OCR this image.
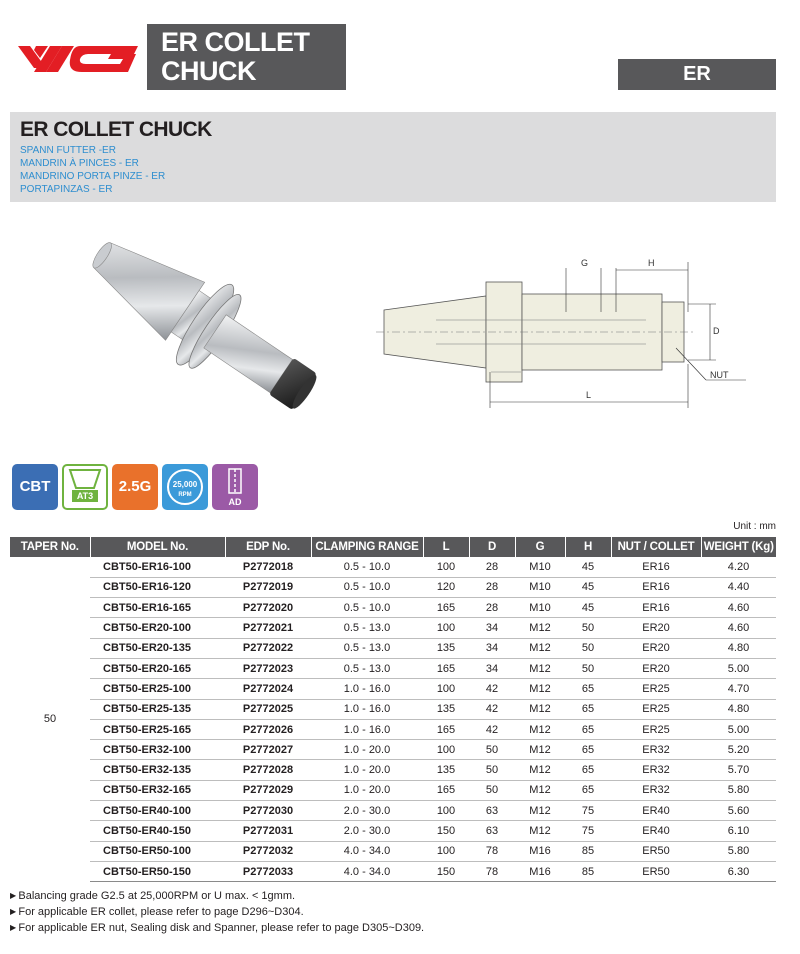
ER COLLET
CHUCK	ER
ER COLLET CHUCK
SPANN FUTTER -ER
MANDRIN À PINCES - ER
MANDRINO PORTA PINZE - ER
PORTAPINZAS - ER
G	H
D
L
NUT
CBT
AT3
2.5G	25,000
RPM
AD
Unit : mm
TAPER No.	MODEL No.	EDP No.	CLAMPING RANGE	L	D	G	H	NUT / COLLET	WEIGHT (Kg)
50	CBT50-ER16-100	P2772018	0.5 - 10.0	100	28	M10	45	ER16	4.20
	CBT50-ER16-120	P2772019	0.5 - 10.0	120	28	M10	45	ER16	4.40
	CBT50-ER16-165	P2772020	0.5 - 10.0	165	28	M10	45	ER16	4.60
	CBT50-ER20-100	P2772021	0.5 - 13.0	100	34	M12	50	ER20	4.60
	CBT50-ER20-135	P2772022	0.5 - 13.0	135	34	M12	50	ER20	4.80
	CBT50-ER20-165	P2772023	0.5 - 13.0	165	34	M12	50	ER20	5.00
	CBT50-ER25-100	P2772024	1.0 - 16.0	100	42	M12	65	ER25	4.70
	CBT50-ER25-135	P2772025	1.0 - 16.0	135	42	M12	65	ER25	4.80
	CBT50-ER25-165	P2772026	1.0 - 16.0	165	42	M12	65	ER25	5.00
	CBT50-ER32-100	P2772027	1.0 - 20.0	100	50	M12	65	ER32	5.20
	CBT50-ER32-135	P2772028	1.0 - 20.0	135	50	M12	65	ER32	5.70
	CBT50-ER32-165	P2772029	1.0 - 20.0	165	50	M12	65	ER32	5.80
	CBT50-ER40-100	P2772030	2.0 - 30.0	100	63	M12	75	ER40	5.60
	CBT50-ER40-150	P2772031	2.0 - 30.0	150	63	M12	75	ER40	6.10
	CBT50-ER50-100	P2772032	4.0 - 34.0	100	78	M16	85	ER50	5.80
	CBT50-ER50-150	P2772033	4.0 - 34.0	150	78	M16	85	ER50	6.30
▶ Balancing grade G2.5 at 25,000RPM or U max. < 1gmm.
▶ For applicable ER collet, please refer to page D296~D304.
▶ For applicable ER nut, Sealing disk and Spanner, please refer to page D305~D309.
